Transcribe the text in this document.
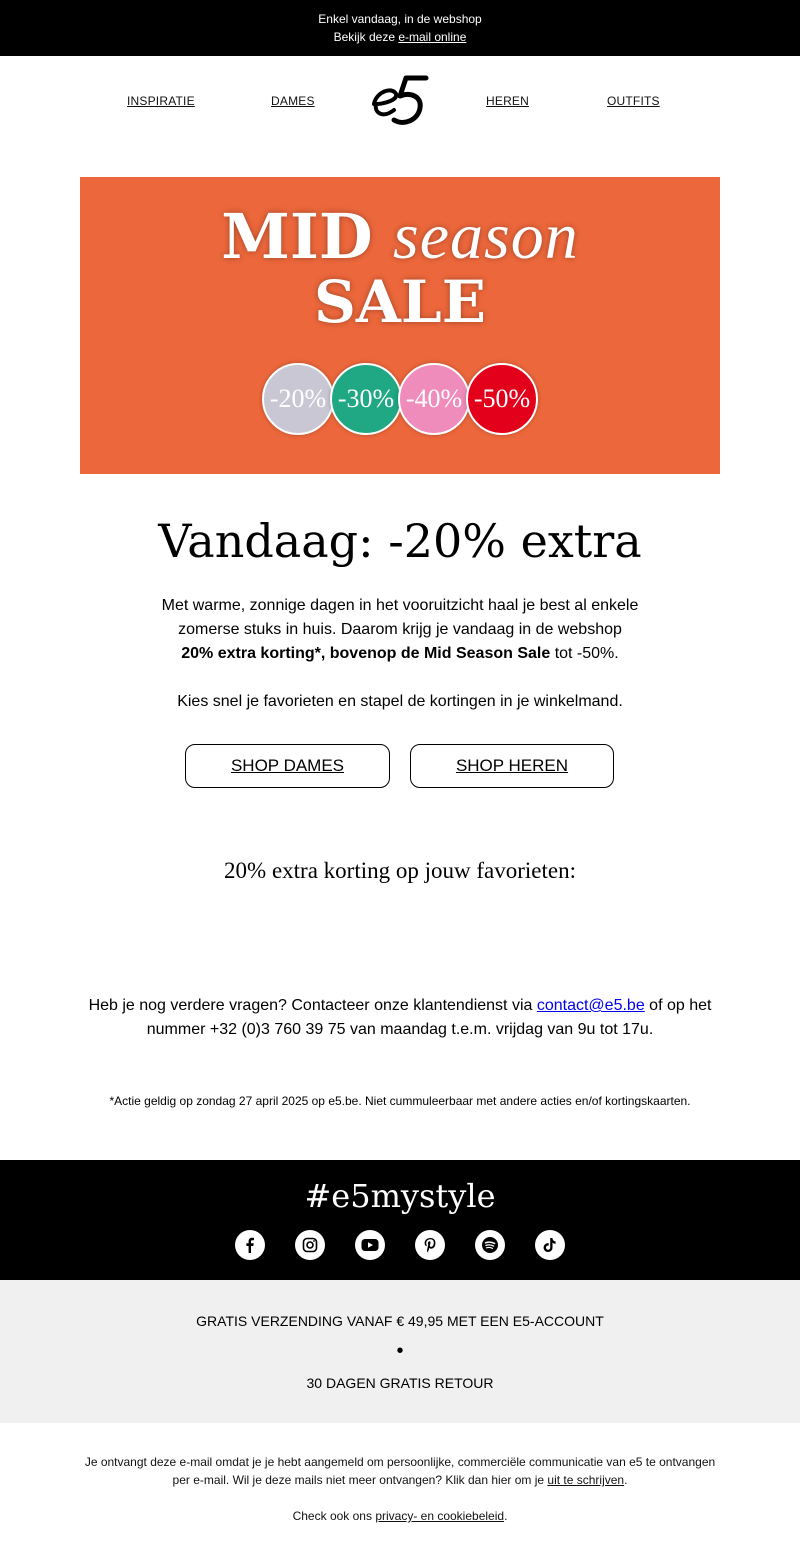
Enkel vandaag, in de webshop
Bekijk deze e-mail online
INSPIRATIE	DAMES	HEREN	OUTFITS
MID season
SALE
-20% -30% -40% -50%
Vandaag: -20% extra
Met warme, zonnige dagen in het vooruitzicht haal je best al enkele
zomerse stuks in huis. Daarom krijg je vandaag in de webshop
20% extra korting*, bovenop de Mid Season Sale tot -50%.
Kies snel je favorieten en stapel de kortingen in je winkelmand.
SHOP DAMES	SHOP HEREN
20% extra korting op jouw favorieten:
Heb je nog verdere vragen? Contacteer onze klantendienst via contact@e5.be of op het
nummer +32 (0)3 760 39 75 van maandag t.e.m. vrijdag van 9u tot 17u.
*Actie geldig op zondag 27 april 2025 op e5.be. Niet cummuleerbaar met andere acties en/of kortingskaarten.
#e5mystyle
GRATIS VERZENDING VANAF € 49,95 MET EEN E5-ACCOUNT
•
30 DAGEN GRATIS RETOUR
Je ontvangt deze e-mail omdat je je hebt aangemeld om persoonlijke, commerciële communicatie van e5 te ontvangen
per e-mail. Wil je deze mails niet meer ontvangen? Klik dan hier om je uit te schrijven.
Check ook ons privacy- en cookiebeleid.
